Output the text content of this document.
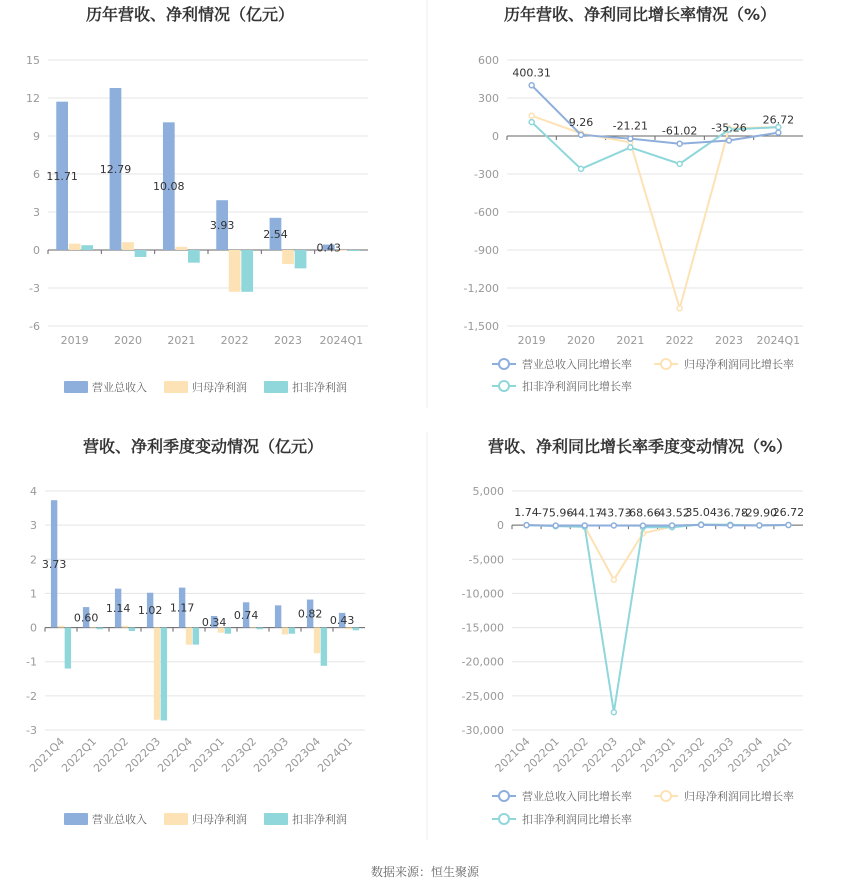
历年营收、净利情况（亿元）
-6
-3
0
3
6
9
12
15
2019 2020 2021 2022 2023 2024Q1
11.71
12.79
10.08
3.93
2.54
0.43
营业总收入	归母净利润	扣非净利润
历年营收、净利同比增长率情况（%）
-1,500
-1,200
-900
-600
-300
0
300
600
2019 2020 2021 2022 2023 2024Q1
400.31
9.26 -21.21 -61.02 -35.26
26.72
营业总收入同比增长率	归母净利润同比增长率
扣非净利润同比增长率
营收、净利季度变动情况（亿元）
-3
-2
-1
0
1
2
3
4
2021Q4
2022Q1
2022Q2
2022Q3
2022Q4
2023Q1
2023Q2
2023Q3
2023Q4
2024Q1
3.73
0.60
1.14 1.02 1.17
0.34
0.74	0.82
0.43
营业总收入	归母净利润	扣非净利润
营收、净利同比增长率季度变动情况（%）
-30,000
-25,000
-20,000
-15,000
-10,000
-5,000
0
5,000
2021Q4
2022Q1
2022Q2
2022Q3
2022Q4
2023Q1
2023Q2
2023Q3
2023Q4
2024Q1
1.74 -75.96
-44.17
-43.73
-68.66
-43.52
35.04
-36.78
-29.90
26.72
营业总收入同比增长率	归母净利润同比增长率
扣非净利润同比增长率
数据来源：恒生聚源
